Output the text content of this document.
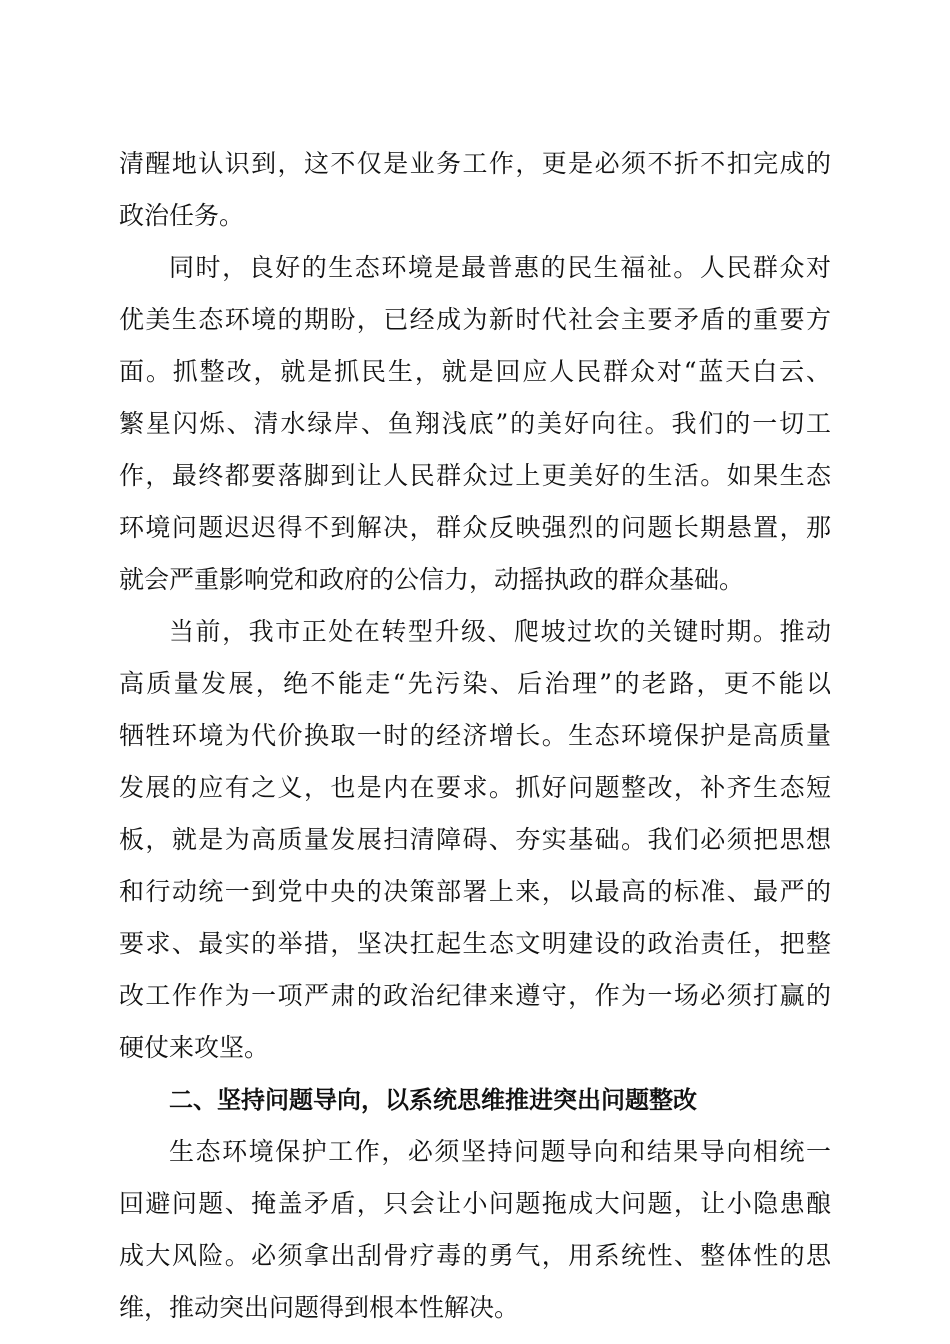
清醒地认识到，这不仅是业务工作，更是必须不折不扣完成的
政治任务。
同时，良好的生态环境是最普惠的民生福祉。人民群众对
优美生态环境的期盼，已经成为新时代社会主要矛盾的重要方
面。抓整改，就是抓民生，就是回应人民群众对“蓝天白云、
繁星闪烁、清水绿岸、鱼翔浅底”的美好向往。我们的一切工
作，最终都要落脚到让人民群众过上更美好的生活。如果生态
环境问题迟迟得不到解决，群众反映强烈的问题长期悬置，那
就会严重影响党和政府的公信力，动摇执政的群众基础。
当前，我市正处在转型升级、爬坡过坎的关键时期。推动
高质量发展，绝不能走“先污染、后治理”的老路，更不能以
牺牲环境为代价换取一时的经济增长。生态环境保护是高质量
发展的应有之义，也是内在要求。抓好问题整改，补齐生态短
板，就是为高质量发展扫清障碍、夯实基础。我们必须把思想
和行动统一到党中央的决策部署上来，以最高的标准、最严的
要求、最实的举措，坚决扛起生态文明建设的政治责任，把整
改工作作为一项严肃的政治纪律来遵守，作为一场必须打赢的
硬仗来攻坚。
二、坚持问题导向，以系统思维推进突出问题整改
生态环境保护工作，必须坚持问题导向和结果导向相统一
回避问题、掩盖矛盾，只会让小问题拖成大问题，让小隐患酿
成大风险。必须拿出刮骨疗毒的勇气，用系统性、整体性的思
维，推动突出问题得到根本性解决。
